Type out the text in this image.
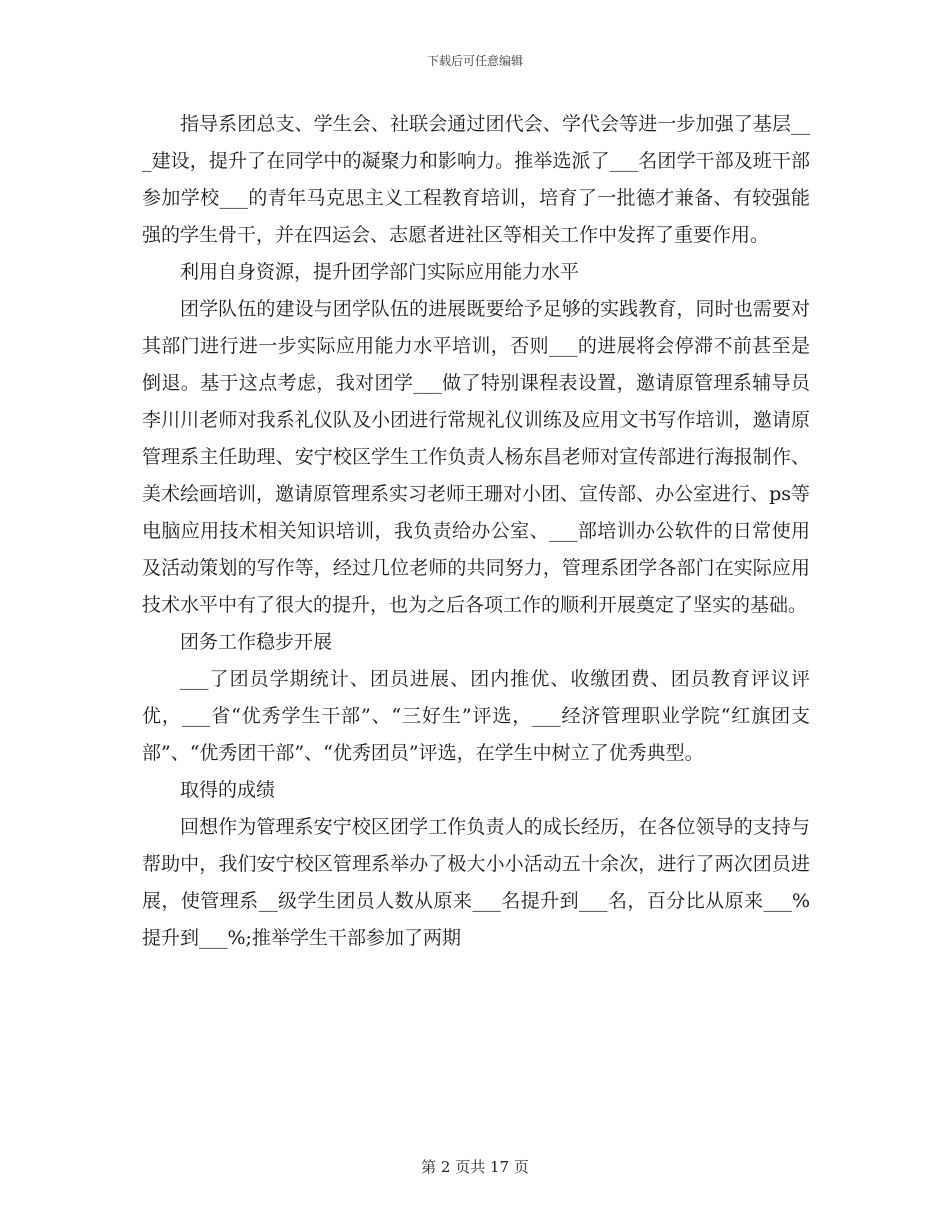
下载后可任意编辑

指导系团总支、学生会、社联会通过团代会、学代会等进一步加强了基层___建设，提升了在同学中的凝聚力和影响力。推举选派了___名团学干部及班干部参加学校___的青年马克思主义工程教育培训，培育了一批德才兼备、有较强能强的学生骨干，并在四运会、志愿者进社区等相关工作中发挥了重要作用。

利用自身资源，提升团学部门实际应用能力水平

团学队伍的建设与团学队伍的进展既要给予足够的实践教育，同时也需要对其部门进行进一步实际应用能力水平培训，否则___的进展将会停滞不前甚至是倒退。基于这点考虑，我对团学___做了特别课程表设置，邀请原管理系辅导员李川川老师对我系礼仪队及小团进行常规礼仪训练及应用文书写作培训，邀请原管理系主任助理、安宁校区学生工作负责人杨东昌老师对宣传部进行海报制作、美术绘画培训，邀请原管理系实习老师王珊对小团、宣传部、办公室进行、ps等电脑应用技术相关知识培训，我负责给办公室、___部培训办公软件的日常使用及活动策划的写作等，经过几位老师的共同努力，管理系团学各部门在实际应用技术水平中有了很大的提升，也为之后各项工作的顺利开展奠定了坚实的基础。

团务工作稳步开展

___了团员学期统计、团员进展、团内推优、收缴团费、团员教育评议评优，___省“优秀学生干部”、“三好生”评选，___经济管理职业学院“红旗团支部”、“优秀团干部”、“优秀团员”评选，在学生中树立了优秀典型。

取得的成绩

回想作为管理系安宁校区团学工作负责人的成长经历，在各位领导的支持与帮助中，我们安宁校区管理系举办了极大小小活动五十余次，进行了两次团员进展，使管理系__级学生团员人数从原来___名提升到___名，百分比从原来___%提升到___%;推举学生干部参加了两期

第 2 页共 17 页
